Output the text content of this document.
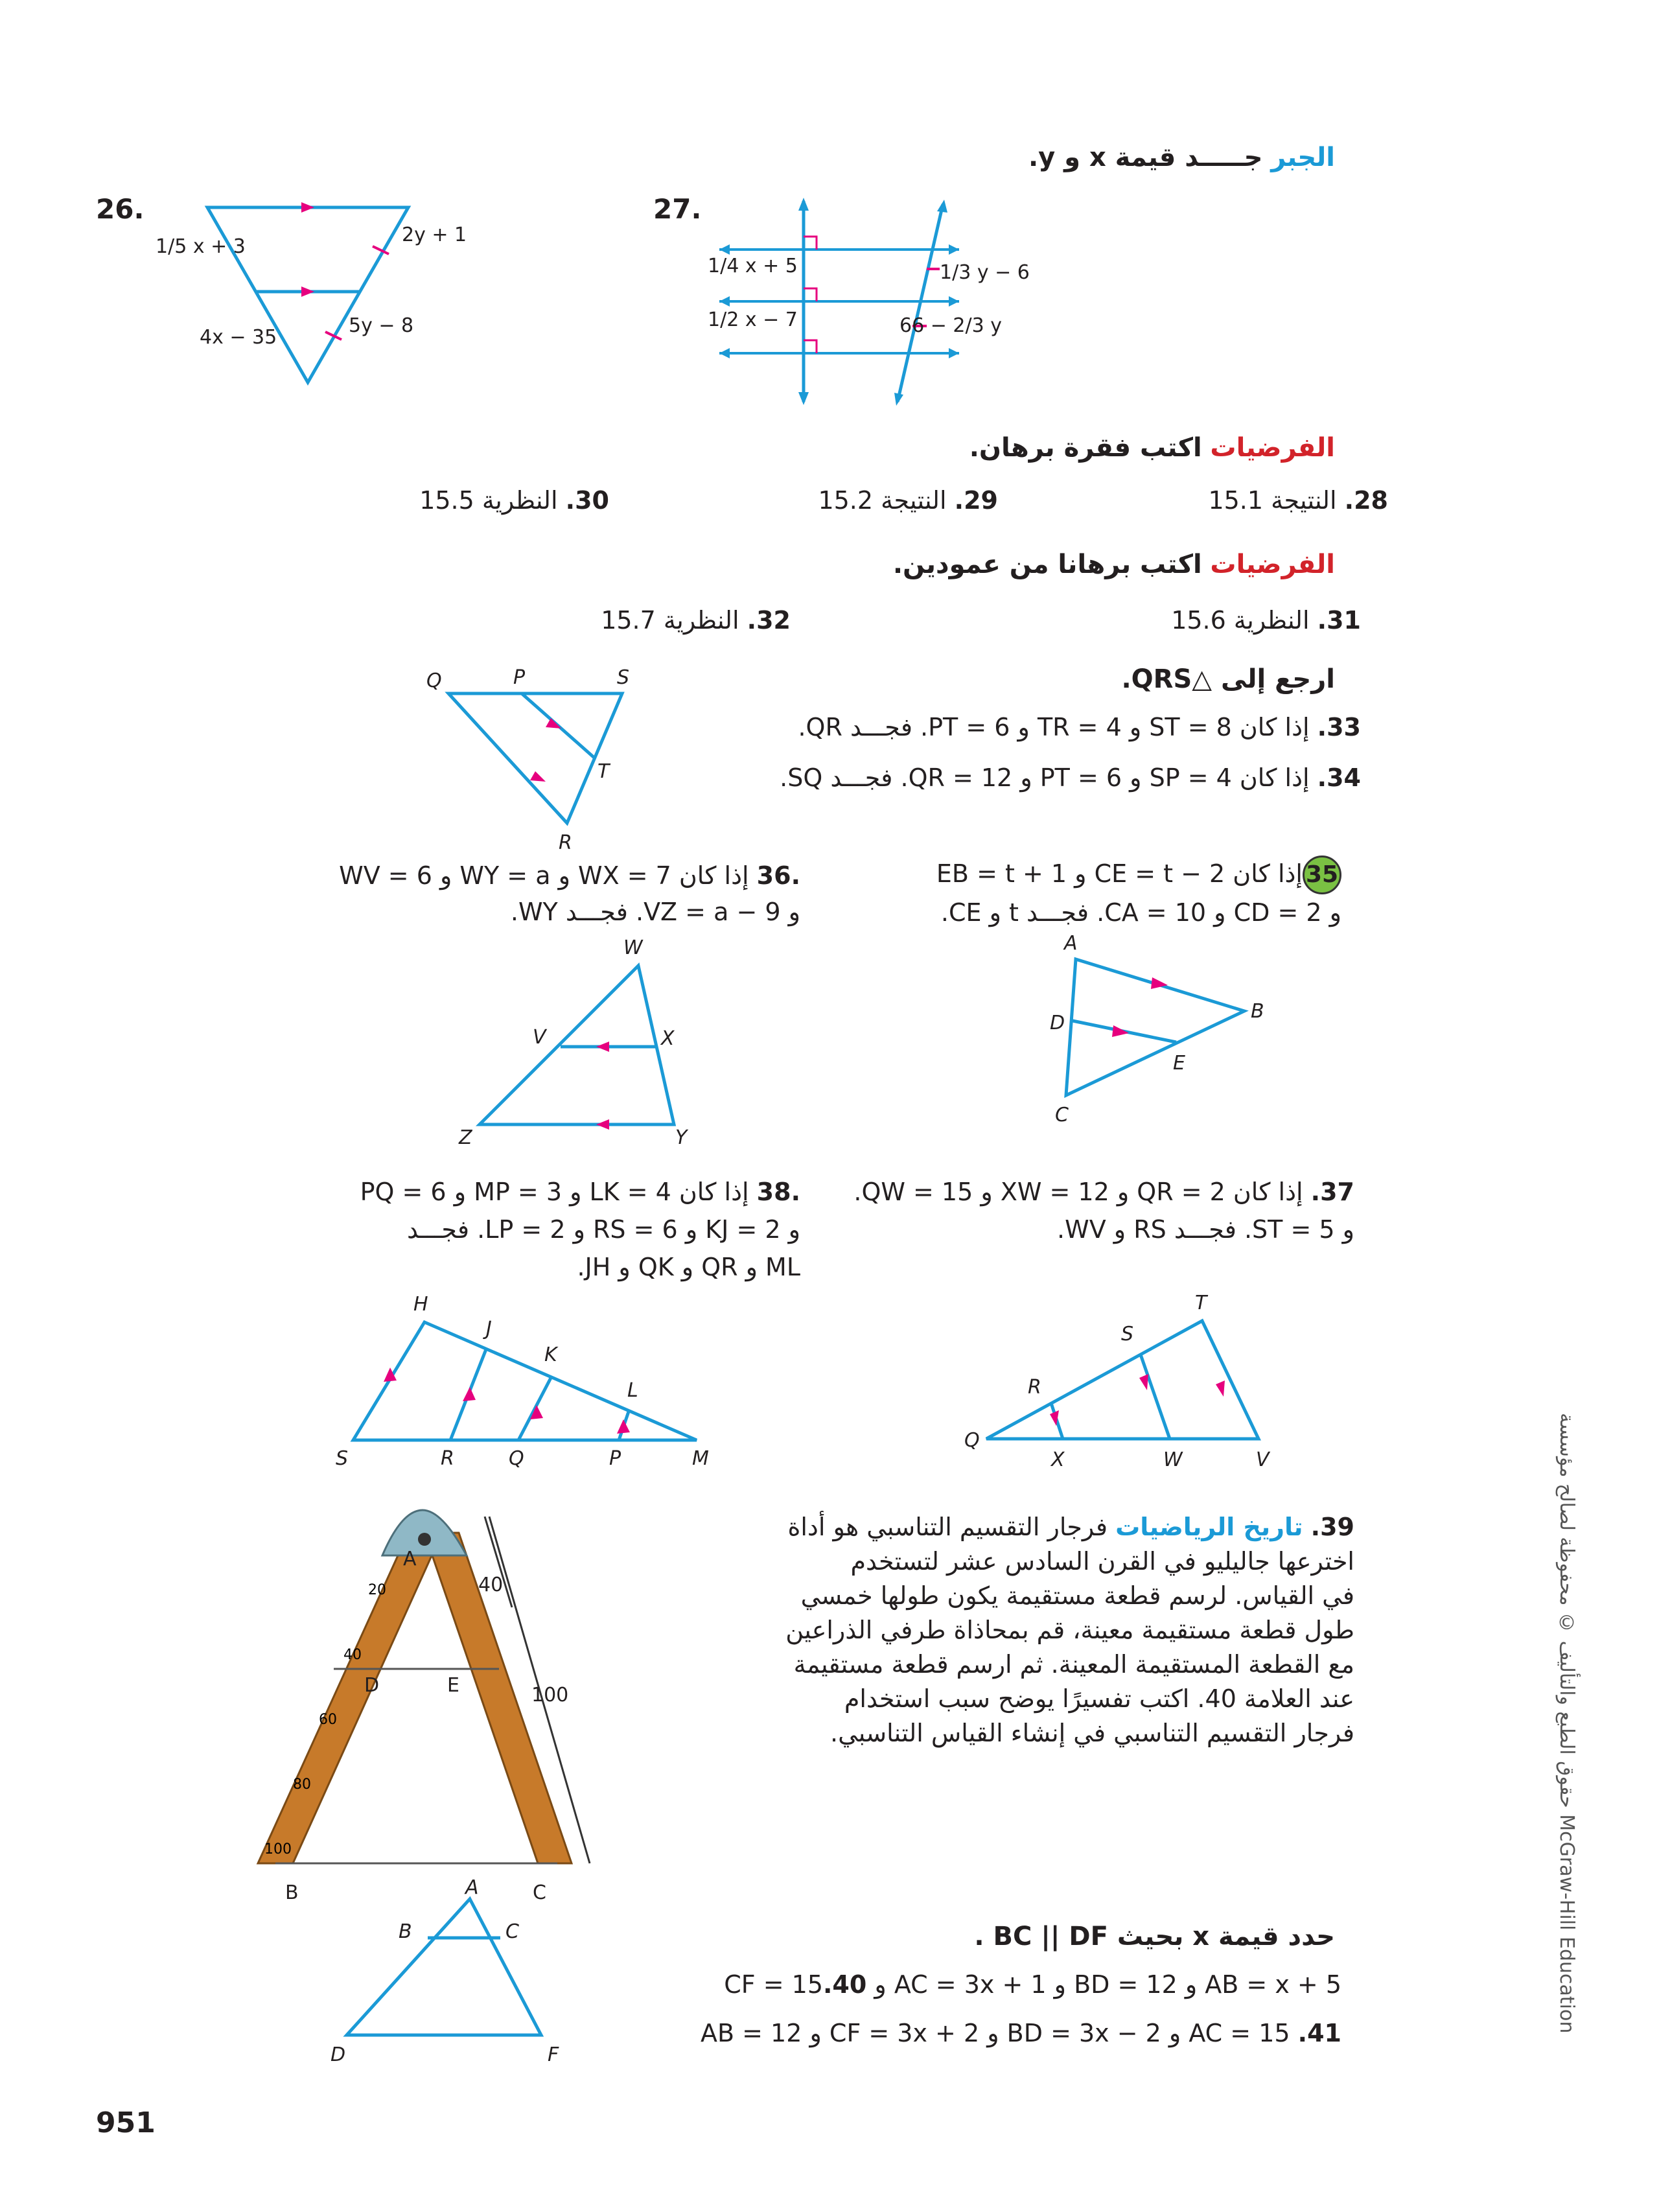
الجبر جـــــد قيمة x و y.
26.
1/5 x + 3
2y + 1
4x − 35
5y − 8
27.
1/4 x + 5
1/2 x − 7
1/3 y − 6
66 − 2/3 y
الفرضيات اكتب فقرة برهان.
28. النتيجة 15.1
29. النتيجة 15.2
30. النظرية 15.5
الفرضيات اكتب برهانا من عمودين.
31. النظرية 15.6
32. النظرية 15.7
ارجع إلى △QRS.
33. إذا كان ST = 8 و TR = 4 و PT = 6. فجـــد QR.
34. إذا كان SP = 4 و PT = 6 و QR = 12. فجـــد SQ.
Q	P	S
T
R
35إذا كان CE = t − 2 و EB = t + 1
و CD = 2 و CA = 10. فجـــد t و CE.
A
B
D
E
C
.36 إذا كان WX = 7 و WY = a و WV = 6
و VZ = a − 9. فجـــد WY.
W
V	X
Z	Y
37. إذا كان QR = 2 و XW = 12 و QW = 15.
و ST = 5. فجـــد RS و WV.
T
S
R
Q
X	W	V
.38 إذا كان LK = 4 و MP = 3 و PQ = 6
و KJ = 2 و RS = 6 و LP = 2. فجـــد
ML و QR و QK و JH.
H
J
K
L
S	R	Q	P	M
39. تاريخ الرياضيات فرجار التقسيم التناسبي هو أداة
اخترعها جاليليو في القرن السادس عشر لتستخدم
في القياس. لرسم قطعة مستقيمة يكون طولها خمسي
طول قطعة مستقيمة معينة، قم بمحاذاة طرفي الذراعين
مع القطعة المستقيمة المعينة. ثم ارسم قطعة مستقيمة
عند العلامة 40. اكتب تفسيرًا يوضح سبب استخدام
فرجار التقسيم التناسبي في إنشاء القياس التناسبي.
A
D	E
B	C
40
100
20
40
60
80
100
حدد قيمة x بحيث BC || DF .
AB = x + 5 و BD = 12 و AC = 3x + 1 و CF = 15.40
41. AC = 15 و BD = 3x − 2 و CF = 3x + 2 و AB = 12
A
B	C
D	F
951
حقوق الطبع والتأليف © محفوظة لصالح مؤسسة McGraw-Hill Education
